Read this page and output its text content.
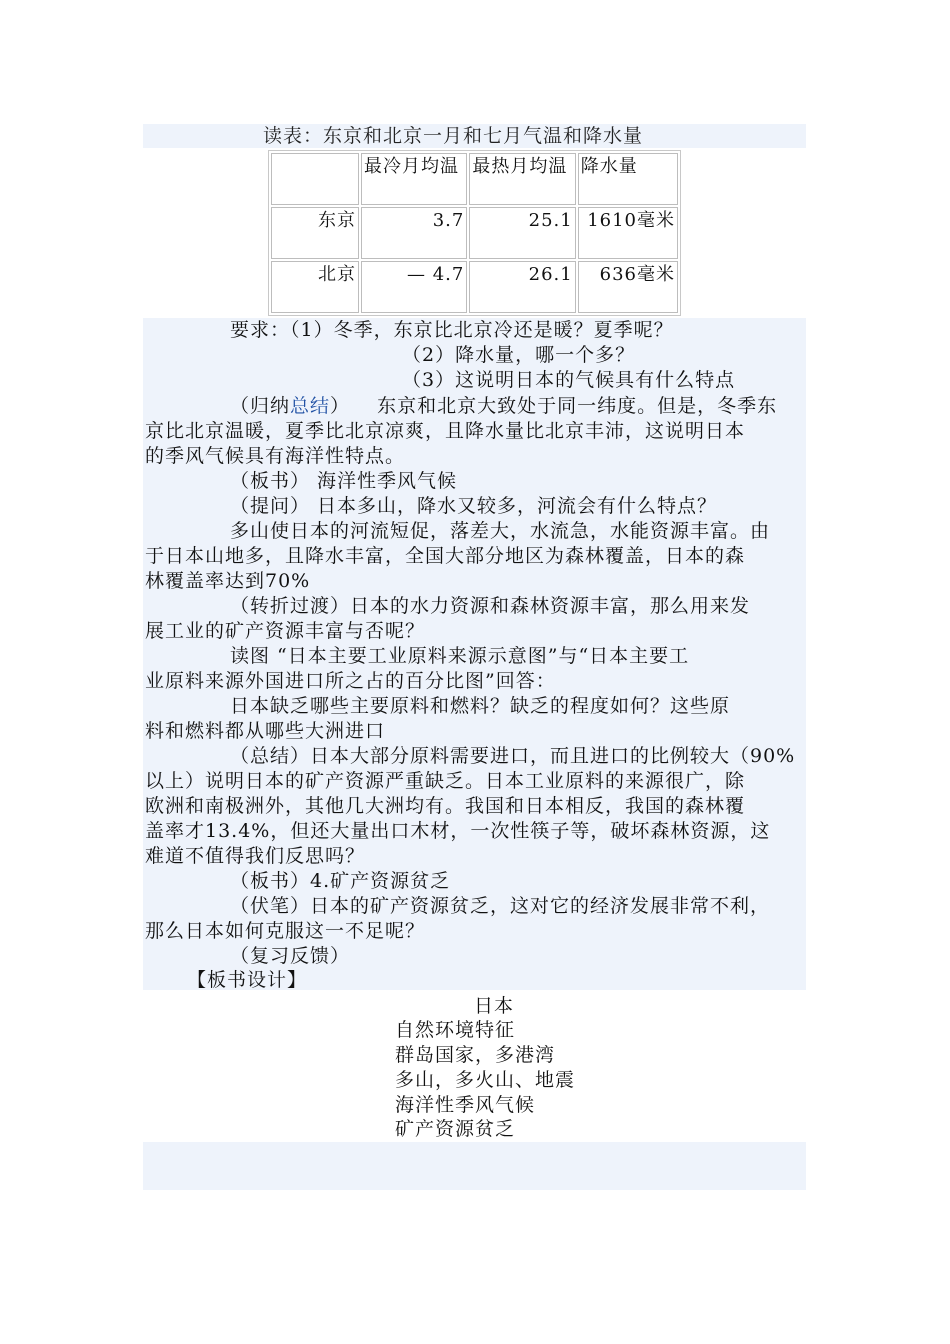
读表：东京和北京一月和七月气温和降水量
	最冷月均温	最热月均温	降水量
东京	3.7	25.1	1610毫米
北京	— 4.7	26.1	636毫米
要求：（1）冬季，东京比北京冷还是暖？夏季呢？
（2）降水量，哪一个多？
（3）这说明日本的气候具有什么特点
（归纳总结） 东京和北京大致处于同一纬度。但是，冬季东
京比北京温暖，夏季比北京凉爽，且降水量比北京丰沛，这说明日本
的季风气候具有海洋性特点。
（板书） 海洋性季风气候
（提问） 日本多山，降水又较多，河流会有什么特点？
多山使日本的河流短促，落差大，水流急，水能资源丰富。由
于日本山地多，且降水丰富，全国大部分地区为森林覆盖，日本的森
林覆盖率达到70%
（转折过渡）日本的水力资源和森林资源丰富，那么用来发
展工业的矿产资源丰富与否呢？
读图 “日本主要工业原料来源示意图”与“日本主要工
业原料来源外国进口所之占的百分比图”回答：
日本缺乏哪些主要原料和燃料？缺乏的程度如何？这些原
料和燃料都从哪些大洲进口
（总结）日本大部分原料需要进口，而且进口的比例较大（90%
以上）说明日本的矿产资源严重缺乏。日本工业原料的来源很广，除
欧洲和南极洲外，其他几大洲均有。我国和日本相反，我国的森林覆
盖率才13.4%，但还大量出口木材，一次性筷子等，破坏森林资源，这
难道不值得我们反思吗？
（板书）4.矿产资源贫乏
（伏笔）日本的矿产资源贫乏，这对它的经济发展非常不利，
那么日本如何克服这一不足呢？
（复习反馈）
【板书设计】
日本
自然环境特征
群岛国家，多港湾
多山，多火山、地震
海洋性季风气候
矿产资源贫乏
